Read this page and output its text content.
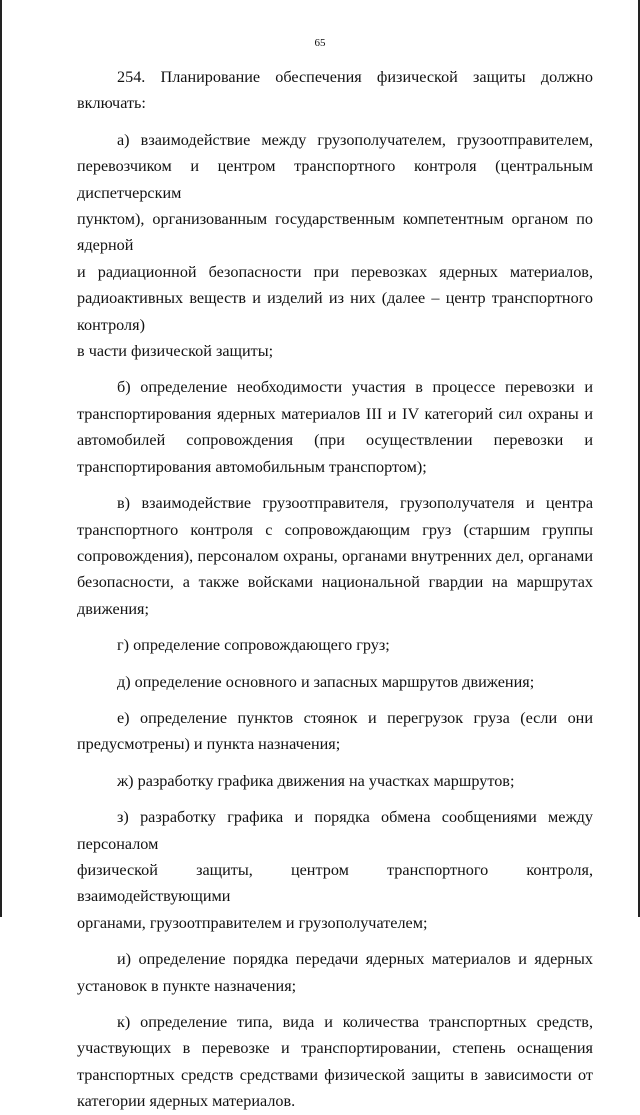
65
254. Планирование обеспечения физической защиты должно включать:
а) взаимодействие между грузополучателем, грузоотправителем,
перевозчиком и центром транспортного контроля (центральным диспетчерским
пунктом), организованным государственным компетентным органом по ядерной
и радиационной безопасности при перевозках ядерных материалов,
радиоактивных веществ и изделий из них (далее – центр транспортного контроля)
в части физической защиты;
б) определение необходимости участия в процессе перевозки и
транспортирования ядерных материалов III и IV категорий сил охраны и
автомобилей сопровождения (при осуществлении перевозки и
транспортирования автомобильным транспортом);
в) взаимодействие грузоотправителя, грузополучателя и центра
транспортного контроля с сопровождающим груз (старшим группы
сопровождения), персоналом охраны, органами внутренних дел, органами
безопасности, а также войсками национальной гвардии на маршрутах движения;
г) определение сопровождающего груз;
д) определение основного и запасных маршрутов движения;
е) определение пунктов стоянок и перегрузок груза (если они
предусмотрены) и пункта назначения;
ж) разработку графика движения на участках маршрутов;
з) разработку графика и порядка обмена сообщениями между персоналом
физической защиты, центром транспортного контроля, взаимодействующими
органами, грузоотправителем и грузополучателем;
и) определение порядка передачи ядерных материалов и ядерных
установок в пункте назначения;
к) определение типа, вида и количества транспортных средств,
участвующих в перевозке и транспортировании, степень оснащения
транспортных средств средствами физической защиты в зависимости от
категории ядерных материалов.
